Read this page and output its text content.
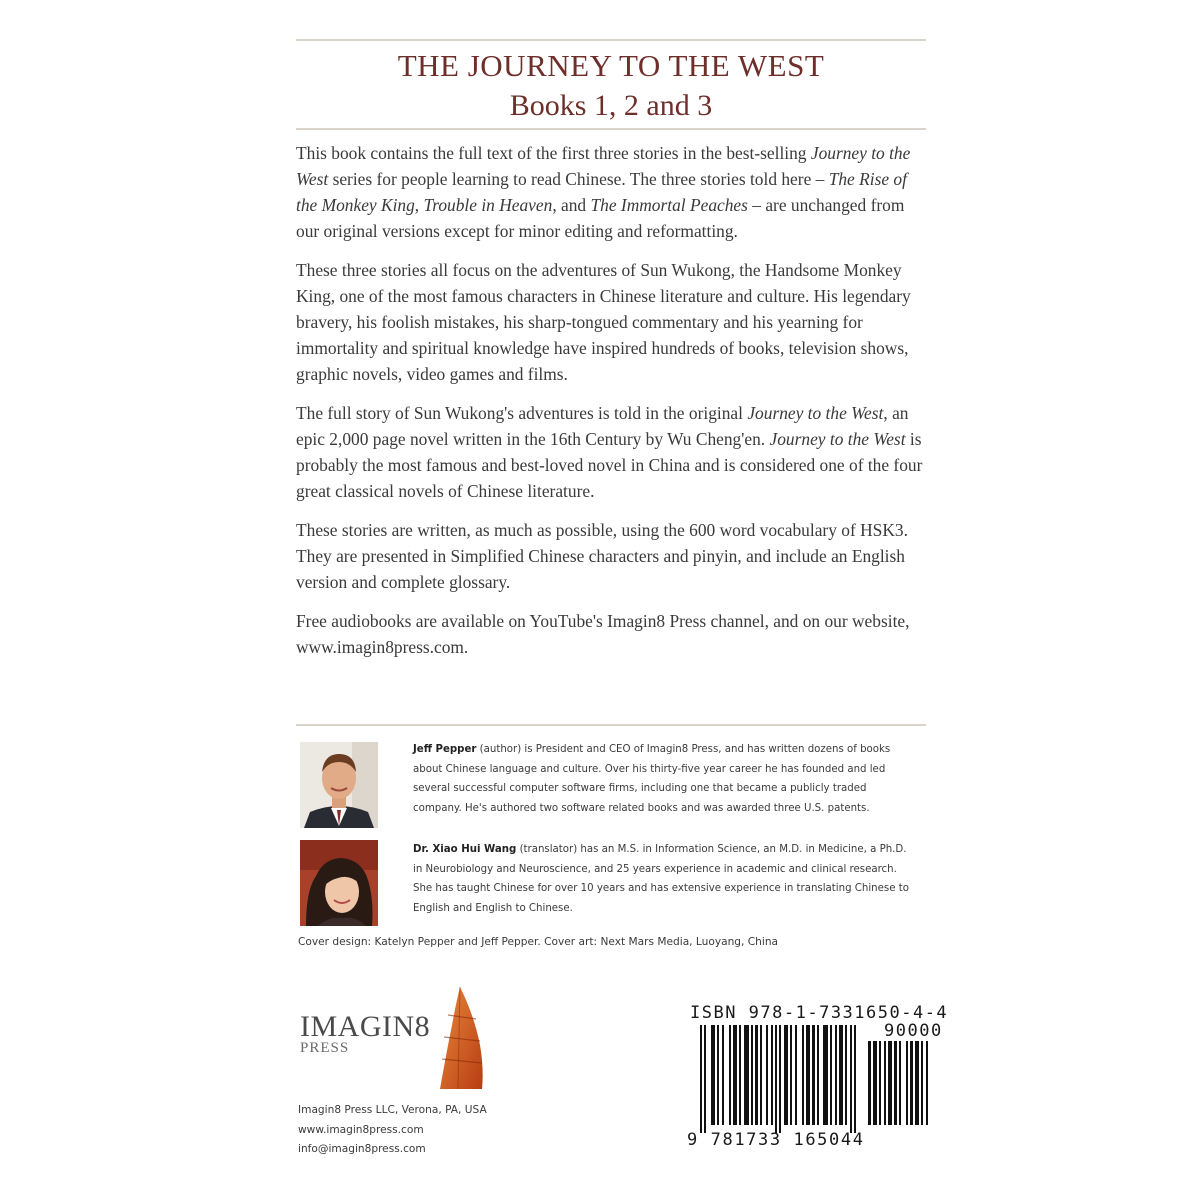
THE JOURNEY TO THE WEST
Books 1, 2 and 3

This book contains the full text of the first three stories in the best-selling Journey to the West series for people learning to read Chinese. The three stories told here – The Rise of the Monkey King, Trouble in Heaven, and The Immortal Peaches – are unchanged from our original versions except for minor editing and reformatting.

These three stories all focus on the adventures of Sun Wukong, the Handsome Monkey King, one of the most famous characters in Chinese literature and culture. His legendary bravery, his foolish mistakes, his sharp-tongued commentary and his yearning for immortality and spiritual knowledge have inspired hundreds of books, television shows, graphic novels, video games and films.

The full story of Sun Wukong's adventures is told in the original Journey to the West, an epic 2,000 page novel written in the 16th Century by Wu Cheng'en. Journey to the West is probably the most famous and best-loved novel in China and is considered one of the four great classical novels of Chinese literature.

These stories are written, as much as possible, using the 600 word vocabulary of HSK3. They are presented in Simplified Chinese characters and pinyin, and include an English version and complete glossary.

Free audiobooks are available on YouTube's Imagin8 Press channel, and on our website, www.imagin8press.com.

Jeff Pepper (author) is President and CEO of Imagin8 Press, and has written dozens of books about Chinese language and culture. Over his thirty-five year career he has founded and led several successful computer software firms, including one that became a publicly traded company. He's authored two software related books and was awarded three U.S. patents.
Dr. Xiao Hui Wang (translator) has an M.S. in Information Science, an M.D. in Medicine, a Ph.D. in Neurobiology and Neuroscience, and 25 years experience in academic and clinical research. She has taught Chinese for over 10 years and has extensive experience in translating Chinese to English and English to Chinese.
Cover design: Katelyn Pepper and Jeff Pepper. Cover art: Next Mars Media, Luoyang, China
IMAGIN8
PRESS
Imagin8 Press LLC, Verona, PA, USA
www.imagin8press.com
info@imagin8press.com
ISBN 978-1-7331650-4-4
90000
9 781733 165044
